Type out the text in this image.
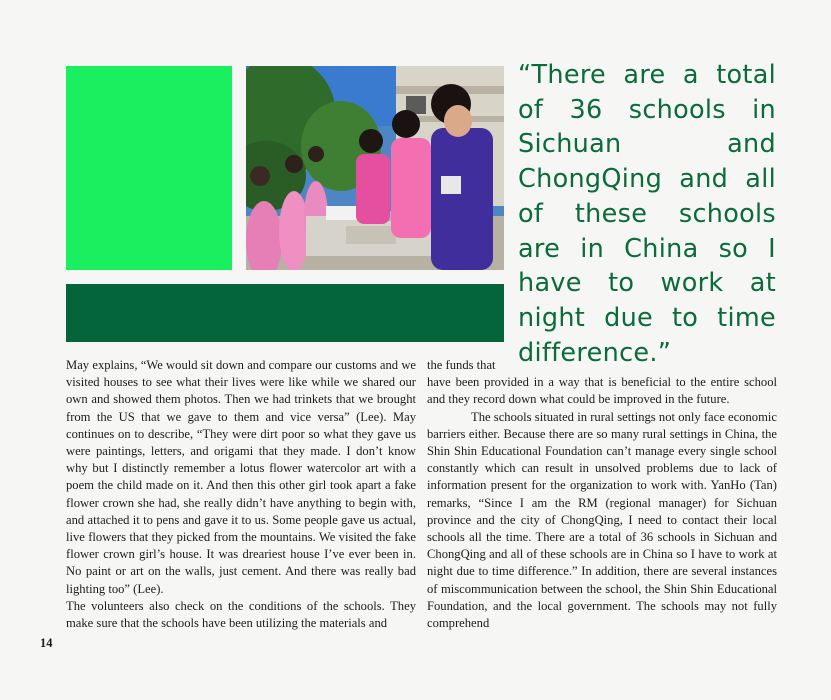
“There are a total of 36 schools in Sichuan and ChongQing and all of these schools are in China so I have to work at night due to time difference.”

May explains, “We would sit down and compare our customs and we visited houses to see what their lives were like while we shared our own and showed them photos. Then we had trinkets that we brought from the US that we gave to them and vice versa” (Lee). May continues on to describe, “They were dirt poor so what they gave us were paintings, letters, and origami that they made. I don’t know why but I distinctly remember a lotus flower watercolor art with a poem the child made on it. And then this other girl took apart a fake flower crown she had, she really didn’t have anything to begin with, and attached it to pens and gave it to us. Some people gave us actual, live flowers that they picked from the mountains. We visited the fake flower crown girl’s house. It was dreariest house I’ve ever been in. No paint or art on the walls, just cement. And there was really bad lighting too” (Lee).

The volunteers also check on the conditions of the schools. They make sure that the schools have been utilizing the materials and

the funds that

have been provided in a way that is beneficial to the entire school and they record down what could be improved in the future.

The schools situated in rural settings not only face economic barriers either. Because there are so many rural settings in China, the Shin Shin Educational Foundation can’t manage every single school constantly which can result in unsolved problems due to lack of information present for the organization to work with. YanHo (Tan) remarks, “Since I am the RM (regional manager) for Sichuan province and the city of ChongQing, I need to contact their local schools all the time. There are a total of 36 schools in Sichuan and ChongQing and all of these schools are in China so I have to work at night due to time difference.” In addition, there are several instances of miscommunication between the school, the Shin Shin Educational Foundation, and the local government. The schools may not fully comprehend

14
